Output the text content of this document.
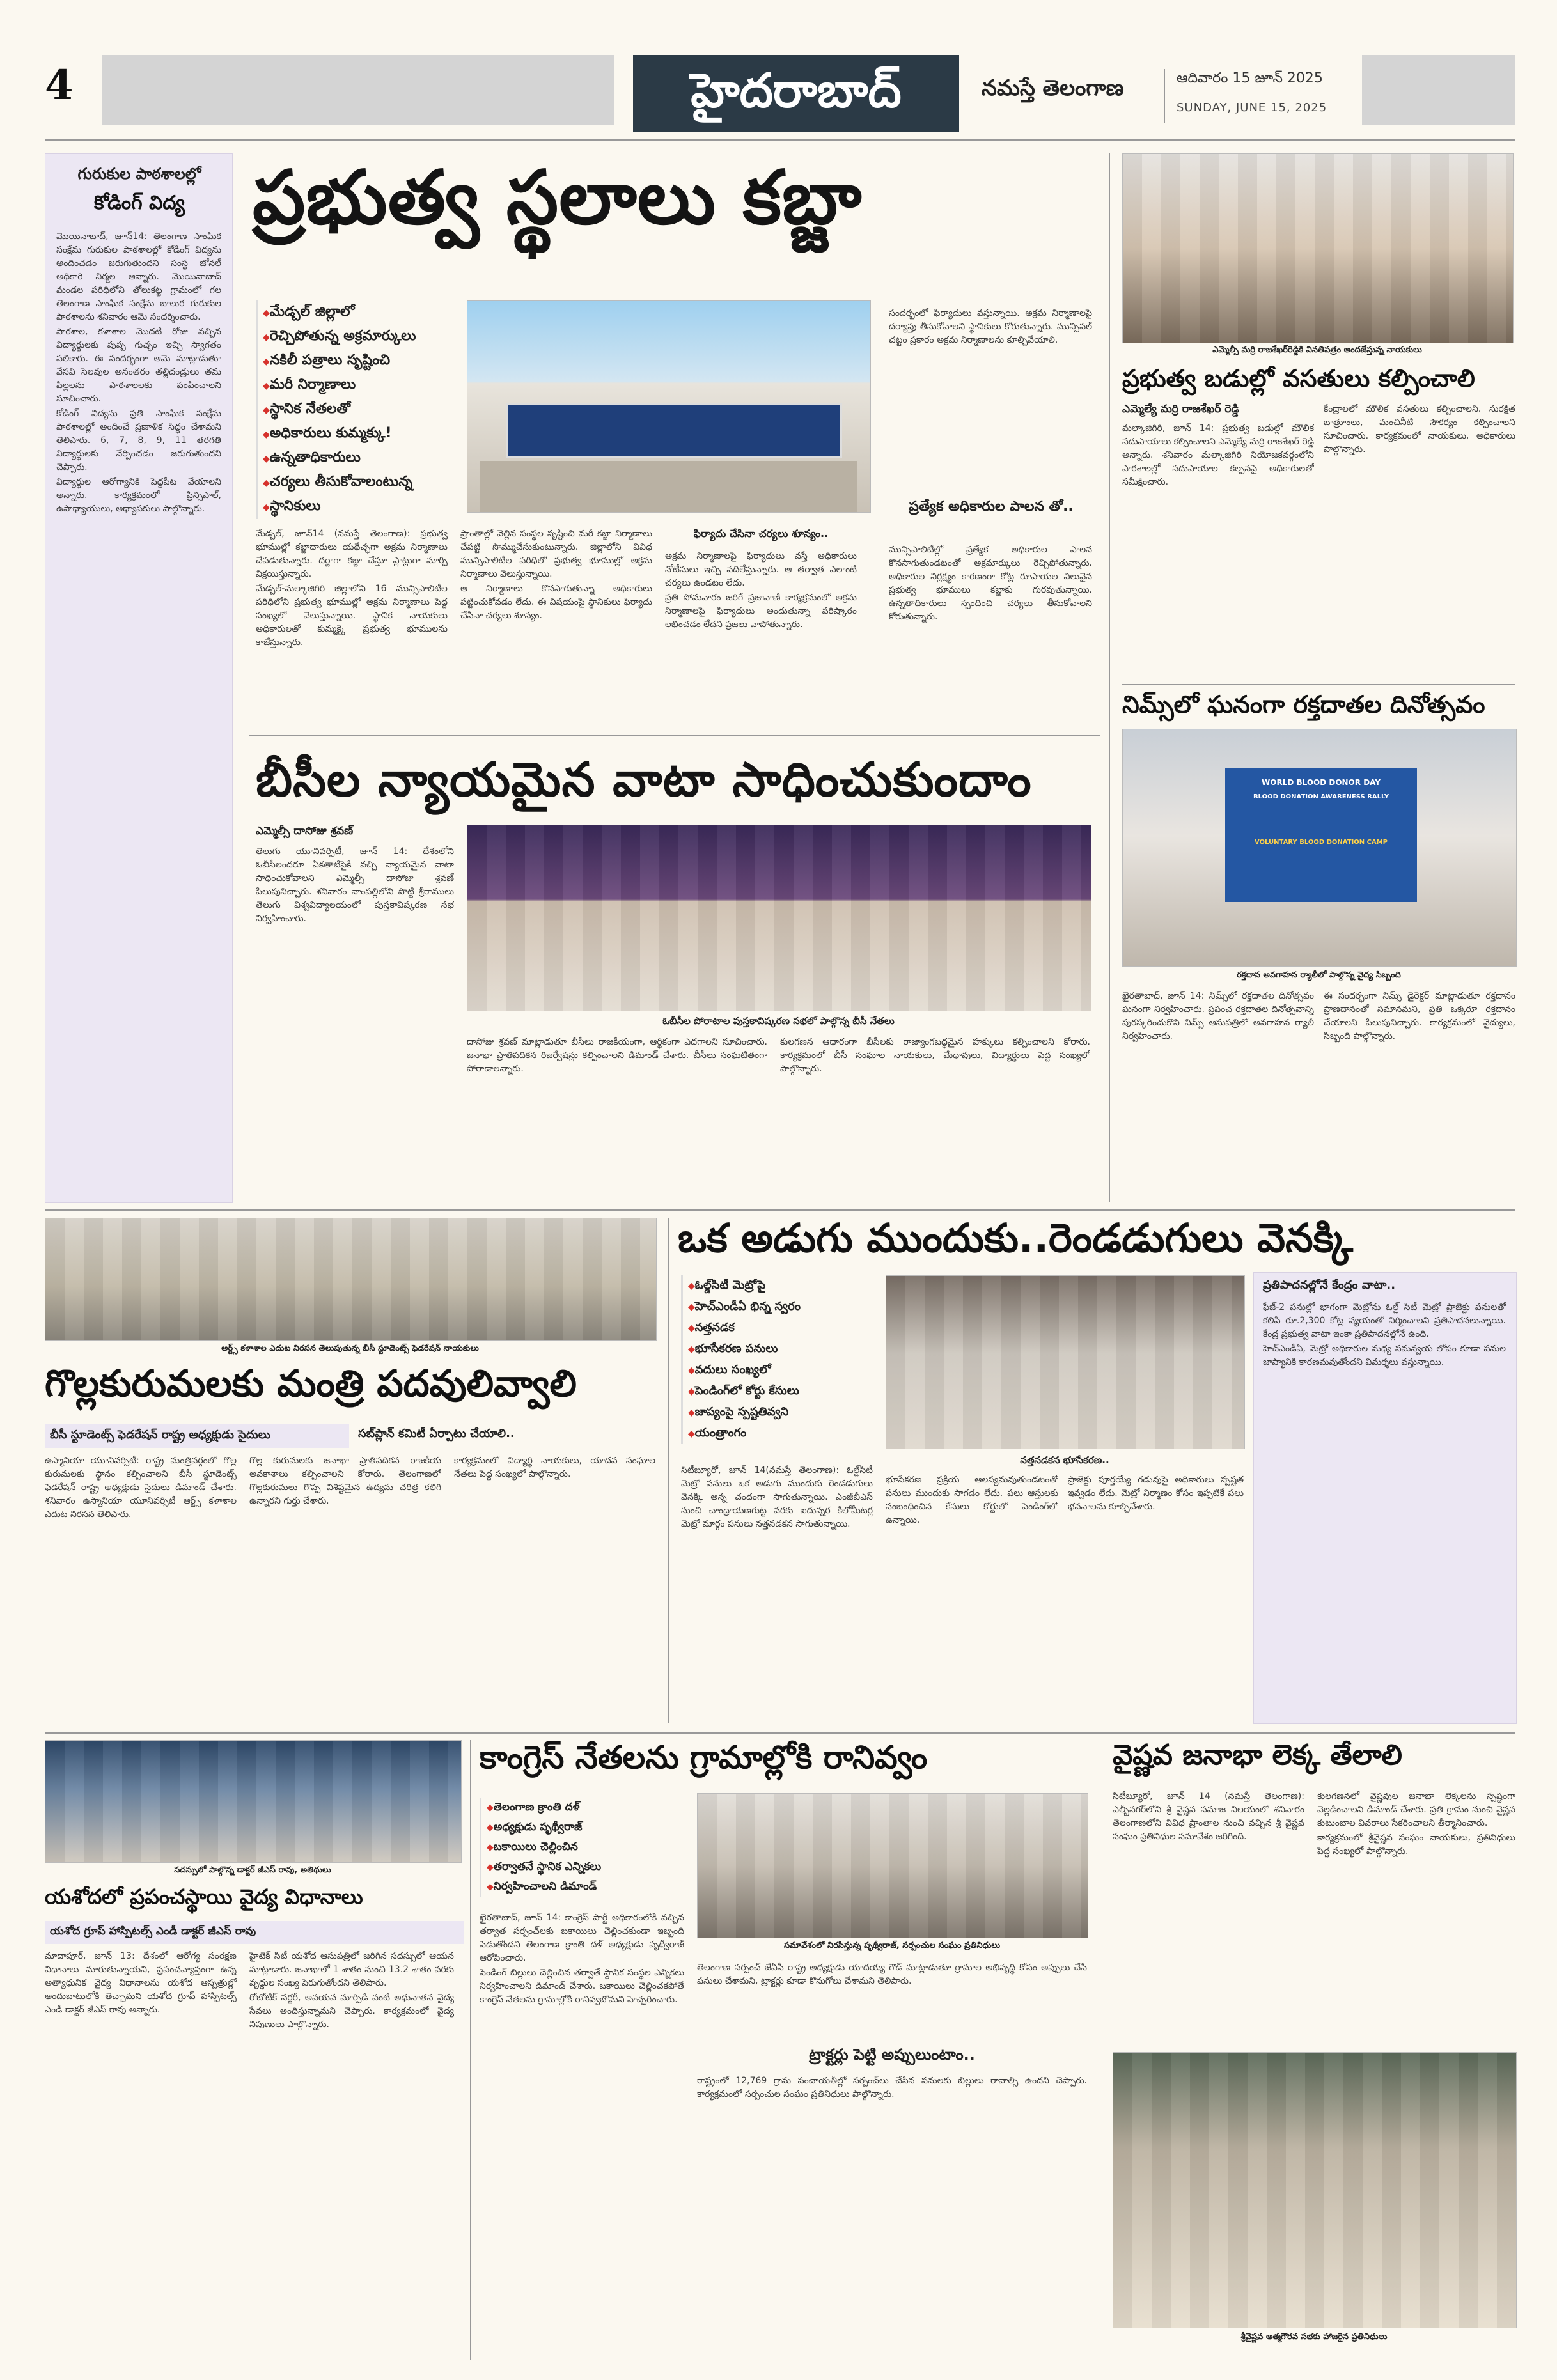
4	హైదరాబాద్	నమస్తే తెలంగాణ	ఆదివారం 15 జూన్ 2025
SUNDAY, JUNE 15, 2025
గురుకుల పాఠశాలల్లో
కోడింగ్ విద్య

మొయినాబాద్, జూన్14: తెలంగాణ సాంఘిక సంక్షేమ గురుకుల పాఠశాలల్లో కోడింగ్ విద్యను అందించడం జరుగుతుందని సంస్థ జోనల్ అధికారి నిర్మల ఆన్నారు. మొయినాబాద్ మండల పరిధిలోని తోలుకట్ట గ్రామంలో గల తెలంగాణ సాంఘిక సంక్షేమ బాలుర గురుకుల పాఠశాలను శనివారం ఆమె సందర్శించారు.

పాఠశాల, కళాశాల మొదటి రోజు వచ్చిన విద్యార్థులకు పుష్ప గుచ్ఛం ఇచ్చి స్వాగతం పలికారు. ఈ సందర్భంగా ఆమె మాట్లాడుతూ వేసవి సెలవుల అనంతరం తల్లిదండ్రులు తమ పిల్లలను పాఠశాలలకు పంపించాలని సూచించారు.

కోడింగ్ విద్యను ప్రతి సాంఘిక సంక్షేమ పాఠశాలల్లో అందించే ప్రణాళిక సిద్ధం చేశామని తెలిపారు. 6, 7, 8, 9, 11 తరగతి విద్యార్థులకు నేర్పించడం జరుగుతుందని చెప్పారు.

విద్యార్థుల ఆరోగ్యానికి పెద్దపీట వేయాలని అన్నారు. కార్యక్రమంలో ప్రిన్సిపాల్, ఉపాధ్యాయులు, అధ్యాపకులు పాల్గొన్నారు.

ప్రభుత్వ స్థలాలు కబ్జా
◆ మేడ్చల్ జిల్లాలో
◆ రెచ్చిపోతున్న అక్రమార్కులు
◆ నకిలీ పత్రాలు సృష్టించి
◆ మరీ నిర్మాణాలు
◆ స్థానిక నేతలతో
◆ అధికారులు కుమ్మక్కు!
◆ ఉన్నతాధికారులు
◆ చర్యలు తీసుకోవాలంటున్న
◆ స్థానికులు

మేడ్చల్, జూన్14 (నమస్తే తెలంగాణ): ప్రభుత్వ భూముల్లో కబ్జాదారులు యథేచ్ఛగా అక్రమ నిర్మాణాలు చేపడుతున్నారు. దర్జాగా కబ్జా చేస్తూ ప్లాట్లుగా మార్చి విక్రయిస్తున్నారు.

మేడ్చల్-మల్కాజిగిరి జిల్లాలోని 16 మున్సిపాలిటీల పరిధిలోని ప్రభుత్వ భూముల్లో అక్రమ నిర్మాణాలు పెద్ద సంఖ్యలో వెలుస్తున్నాయి. స్థానిక నాయకులు అధికారులతో కుమ్మక్కై ప్రభుత్వ భూములను కాజేస్తున్నారు.

ప్రాంతాల్లో వెల్లిన సంస్థల సృష్టించి మరీ కబ్జా నిర్మాణాలు చేపట్టి సొమ్ముచేసుకుంటున్నారు. జిల్లాలోని వివిధ మున్సిపాలిటీల పరిధిలో ప్రభుత్వ భూముల్లో అక్రమ నిర్మాణాలు వెలుస్తున్నాయి.

ఆ నిర్మాణాలు కొనసాగుతున్నా అధికారులు పట్టించుకోవడం లేదు. ఈ విషయంపై స్థానికులు ఫిర్యాదు చేసినా చర్యలు శూన్యం.

ఫిర్యాదు చేసినా చర్యలు శూన్యం..

అక్రమ నిర్మాణాలపై ఫిర్యాదులు వస్తే అధికారులు నోటీసులు ఇచ్చి వదిలేస్తున్నారు. ఆ తర్వాత ఎలాంటి చర్యలు ఉండటం లేదు.

ప్రతి సోమవారం జరిగే ప్రజావాణి కార్యక్రమంలో అక్రమ నిర్మాణాలపై ఫిర్యాదులు అందుతున్నా పరిష్కారం లభించడం లేదని ప్రజలు వాపోతున్నారు.

ప్రత్యేక అధికారుల పాలన తో..

సందర్భంలో ఫిర్యాదులు వస్తున్నాయి. అక్రమ నిర్మాణాలపై దర్యాప్తు తీసుకోవాలని స్థానికులు కోరుతున్నారు. మున్సిపల్ చట్టం ప్రకారం అక్రమ నిర్మాణాలను కూల్చివేయాలి.

మున్సిపాలిటీల్లో ప్రత్యేక అధికారుల పాలన కొనసాగుతుండటంతో అక్రమార్కులు రెచ్చిపోతున్నారు. అధికారుల నిర్లక్ష్యం కారణంగా కోట్ల రూపాయల విలువైన ప్రభుత్వ భూములు కబ్జాకు గురవుతున్నాయి. ఉన్నతాధికారులు స్పందించి చర్యలు తీసుకోవాలని కోరుతున్నారు.

బీసీల న్యాయమైన వాటా సాధించుకుందాం
ఎమ్మెల్సీ దాసోజు శ్రవణ్
ఓబీసీల పోరాటాల పుస్తకావిష్కరణ సభలో పాల్గొన్న బీసీ నేతలు

తెలుగు యూనివర్సిటీ, జూన్ 14: దేశంలోని ఓబీసీలందరూ ఏకతాటిపైకి వచ్చి న్యాయమైన వాటా సాధించుకోవాలని ఎమ్మెల్సీ దాసోజు శ్రవణ్ పిలుపునిచ్చారు. శనివారం నాంపల్లిలోని పొట్టి శ్రీరాములు తెలుగు విశ్వవిద్యాలయంలో పుస్తకావిష్కరణ సభ నిర్వహించారు.

దాసోజు శ్రవణ్ మాట్లాడుతూ బీసీలు రాజకీయంగా, ఆర్థికంగా ఎదగాలని సూచించారు. జనాభా ప్రాతిపదికన రిజర్వేషన్లు కల్పించాలని డిమాండ్ చేశారు. బీసీలు సంఘటితంగా పోరాడాలన్నారు.

కులగణన ఆధారంగా బీసీలకు రాజ్యాంగబద్ధమైన హక్కులు కల్పించాలని కోరారు. కార్యక్రమంలో బీసీ సంఘాల నాయకులు, మేధావులు, విద్యార్థులు పెద్ద సంఖ్యలో పాల్గొన్నారు.

ఎమ్మెల్సీ మర్రి రాజశేఖర్‌రెడ్డికి వినతిపత్రం అందజేస్తున్న నాయకులు
ప్రభుత్వ బడుల్లో వసతులు కల్పించాలి
ఎమ్మెల్యే మర్రి రాజశేఖర్ రెడ్డి

మల్కాజిగిరి, జూన్ 14: ప్రభుత్వ బడుల్లో మౌలిక సదుపాయాలు కల్పించాలని ఎమ్మెల్యే మర్రి రాజశేఖర్ రెడ్డి అన్నారు. శనివారం మల్కాజిగిరి నియోజకవర్గంలోని పాఠశాలల్లో సదుపాయాల కల్పనపై అధికారులతో సమీక్షించారు.

కేంద్రాలలో మౌలిక వసతులు కల్పించాలని. సురక్షిత బాత్రూంలు, మంచినీటి సౌకర్యం కల్పించాలని సూచించారు. కార్యక్రమంలో నాయకులు, అధికారులు పాల్గొన్నారు.

నిమ్స్‌లో ఘనంగా రక్తదాతల దినోత్సవం
WORLD BLOOD DONOR DAY
BLOOD DONATION AWARENESS RALLY
VOLUNTARY BLOOD DONATION CAMP
రక్తదాన అవగాహన ర్యాలీలో పాల్గొన్న వైద్య సిబ్బంది

ఖైరతాబాద్, జూన్ 14: నిమ్స్‌లో రక్తదాతల దినోత్సవం ఘనంగా నిర్వహించారు. ప్రపంచ రక్తదాతల దినోత్సవాన్ని పురస్కరించుకొని నిమ్స్ ఆసుపత్రిలో అవగాహన ర్యాలీ నిర్వహించారు.

ఈ సందర్భంగా నిమ్స్ డైరెక్టర్ మాట్లాడుతూ రక్తదానం ప్రాణదానంతో సమానమని, ప్రతి ఒక్కరూ రక్తదానం చేయాలని పిలుపునిచ్చారు. కార్యక్రమంలో వైద్యులు, సిబ్బంది పాల్గొన్నారు.

అర్ట్స్ కళాశాల ఎదుట నిరసన తెలుపుతున్న బీసీ స్టూడెంట్స్ ఫెడరేషన్ నాయకులు
గొల్లకురుమలకు మంత్రి పదవులివ్వాలి
బీసీ స్టూడెంట్స్ ఫెడరేషన్ రాష్ట్ర అధ్యక్షుడు సైదులు	సబ్‌ప్లాన్ కమిటీ ఏర్పాటు చేయాలి..

ఉస్మానియా యూనివర్సిటీ: రాష్ట్ర మంత్రివర్గంలో గొల్ల కురుమలకు స్థానం కల్పించాలని బీసీ స్టూడెంట్స్ ఫెడరేషన్ రాష్ట్ర అధ్యక్షుడు సైదులు డిమాండ్ చేశారు. శనివారం ఉస్మానియా యూనివర్సిటీ ఆర్ట్స్ కళాశాల ఎదుట నిరసన తెలిపారు.

గొల్ల కురుమలకు జనాభా ప్రాతిపదికన రాజకీయ అవకాశాలు కల్పించాలని కోరారు. తెలంగాణలో గొల్లకురుమలు గొప్ప విశిష్టమైన ఉద్యమ చరిత్ర కలిగి ఉన్నారని గుర్తు చేశారు.

కార్యక్రమంలో విద్యార్థి నాయకులు, యాదవ సంఘాల నేతలు పెద్ద సంఖ్యలో పాల్గొన్నారు.

ఒక అడుగు ముందుకు..రెండడుగులు వెనక్కి
◆ ఓల్డ్‌సిటీ మెట్రోపై
◆ హెచ్ఎండీఏ భిన్న స్వరం
◆ నత్తనడక
◆ భూసేకరణ పనులు
◆ వదులు సంఖ్యలో
◆ పెండింగ్‌లో కోర్టు కేసులు
◆ జాప్యంపై స్పష్టతివ్వని
◆ యంత్రాంగం
నత్తనడకన భూసేకరణ..

సిటీబ్యూరో, జూన్ 14(నమస్తే తెలంగాణ): ఓల్డ్‌సిటీ మెట్రో పనులు ఒక అడుగు ముందుకు రెండడుగులు వెనక్కి అన్న చందంగా సాగుతున్నాయి. ఎంజీబీఎస్ నుంచి చాంద్రాయణగుట్ట వరకు ఐదున్నర కిలోమీటర్ల మెట్రో మార్గం పనులు నత్తనడకన సాగుతున్నాయి.

భూసేకరణ ప్రక్రియ ఆలస్యమవుతుండటంతో పనులు ముందుకు సాగడం లేదు. పలు ఆస్తులకు సంబంధించిన కేసులు కోర్టులో పెండింగ్‌లో ఉన్నాయి.

ప్రాజెక్టు పూర్తయ్యే గడువుపై అధికారులు స్పష్టత ఇవ్వడం లేదు. మెట్రో నిర్మాణం కోసం ఇప్పటికే పలు భవనాలను కూల్చివేశారు.

ప్రతిపాదనల్లోనే కేంద్రం వాటా..

ఫేజ్-2 పనుల్లో భాగంగా మెట్రోను ఓల్డ్ సిటీ మెట్రో ప్రాజెక్టు పనులతో కలిపి రూ.2,300 కోట్ల వ్యయంతో నిర్మించాలని ప్రతిపాదనలున్నాయి. కేంద్ర ప్రభుత్వ వాటా ఇంకా ప్రతిపాదనల్లోనే ఉంది.

హెచ్ఎండీఏ, మెట్రో అధికారుల మధ్య సమన్వయ లోపం కూడా పనుల జాప్యానికి కారణమవుతోందని విమర్శలు వస్తున్నాయి.

సదస్సులో పాల్గొన్న డాక్టర్ జీఎస్ రావు, అతిథులు
యశోదలో ప్రపంచస్థాయి వైద్య విధానాలు
యశోద గ్రూప్ హాస్పిటల్స్ ఎండీ డాక్టర్ జీఎస్ రావు

మాదాపూర్, జూన్ 13: దేశంలో ఆరోగ్య సంరక్షణ విధానాలు మారుతున్నాయని, ప్రపంచవ్యాప్తంగా ఉన్న అత్యాధునిక వైద్య విధానాలను యశోద ఆస్పత్రుల్లో అందుబాటులోకి తెచ్చామని యశోద గ్రూప్ హాస్పిటల్స్ ఎండీ డాక్టర్ జీఎస్ రావు అన్నారు.

హైటెక్ సిటీ యశోద ఆసుపత్రిలో జరిగిన సదస్సులో ఆయన మాట్లాడారు. జనాభాలో 1 శాతం నుంచి 13.2 శాతం వరకు వృద్ధుల సంఖ్య పెరుగుతోందని తెలిపారు.

రోబోటిక్ సర్జరీ, అవయవ మార్పిడి వంటి అధునాతన వైద్య సేవలు అందిస్తున్నామని చెప్పారు. కార్యక్రమంలో వైద్య నిపుణులు పాల్గొన్నారు.

కాంగ్రెస్ నేతలను గ్రామాల్లోకి రానివ్వం
◆ తెలంగాణ క్రాంతి దళ్
◆ అధ్యక్షుడు పృథ్వీరాజ్
◆ బకాయిలు చెల్లించిన
◆ తర్వాతనే స్థానిక ఎన్నికలు
◆ నిర్వహించాలని డిమాండ్
సమావేశంలో నిరసిస్తున్న పృథ్వీరాజ్, సర్పంచుల సంఘం ప్రతినిధులు

ఖైరతాబాద్, జూన్ 14: కాంగ్రెస్ పార్టీ అధికారంలోకి వచ్చిన తర్వాత సర్పంచ్‌లకు బకాయిలు చెల్లించకుండా ఇబ్బంది పెడుతోందని తెలంగాణ క్రాంతి దళ్ అధ్యక్షుడు పృథ్వీరాజ్ ఆరోపించారు.

పెండింగ్ బిల్లులు చెల్లించిన తర్వాతే స్థానిక సంస్థల ఎన్నికలు నిర్వహించాలని డిమాండ్ చేశారు. బకాయిలు చెల్లించకపోతే కాంగ్రెస్ నేతలను గ్రామాల్లోకి రానివ్వబోమని హెచ్చరించారు.

తెలంగాణ సర్పంచ్ జేఏసీ రాష్ట్ర అధ్యక్షుడు యాదయ్య గౌడ్ మాట్లాడుతూ గ్రామాల అభివృద్ధి కోసం అప్పులు చేసి పనులు చేశామని, ట్రాక్టర్లు కూడా కొనుగోలు చేశామని తెలిపారు.

ట్రాక్టర్లు పెట్టి అప్పులుంటాం..

రాష్ట్రంలో 12,769 గ్రామ పంచాయతీల్లో సర్పంచ్‌లు చేసిన పనులకు బిల్లులు రావాల్సి ఉందని చెప్పారు. కార్యక్రమంలో సర్పంచుల సంఘం ప్రతినిధులు పాల్గొన్నారు.

వైష్ణవ జనాభా లెక్క తేలాలి

సిటీబ్యూరో, జూన్ 14 (నమస్తే తెలంగాణ): ఎల్బీనగర్‌లోని శ్రీ వైష్ణవ సమాజ నిలయంలో శనివారం తెలంగాణలోని వివిధ ప్రాంతాల నుంచి వచ్చిన శ్రీ వైష్ణవ సంఘం ప్రతినిధుల సమావేశం జరిగింది.

కులగణనలో వైష్ణవుల జనాభా లెక్కలను స్పష్టంగా వెల్లడించాలని డిమాండ్ చేశారు. ప్రతి గ్రామం నుంచి వైష్ణవ కుటుంబాల వివరాలు సేకరించాలని తీర్మానించారు.

కార్యక్రమంలో శ్రీవైష్ణవ సంఘం నాయకులు, ప్రతినిధులు పెద్ద సంఖ్యలో పాల్గొన్నారు.

శ్రీవైష్ణవ ఆత్మగౌరవ సభకు హాజరైన ప్రతినిధులు
